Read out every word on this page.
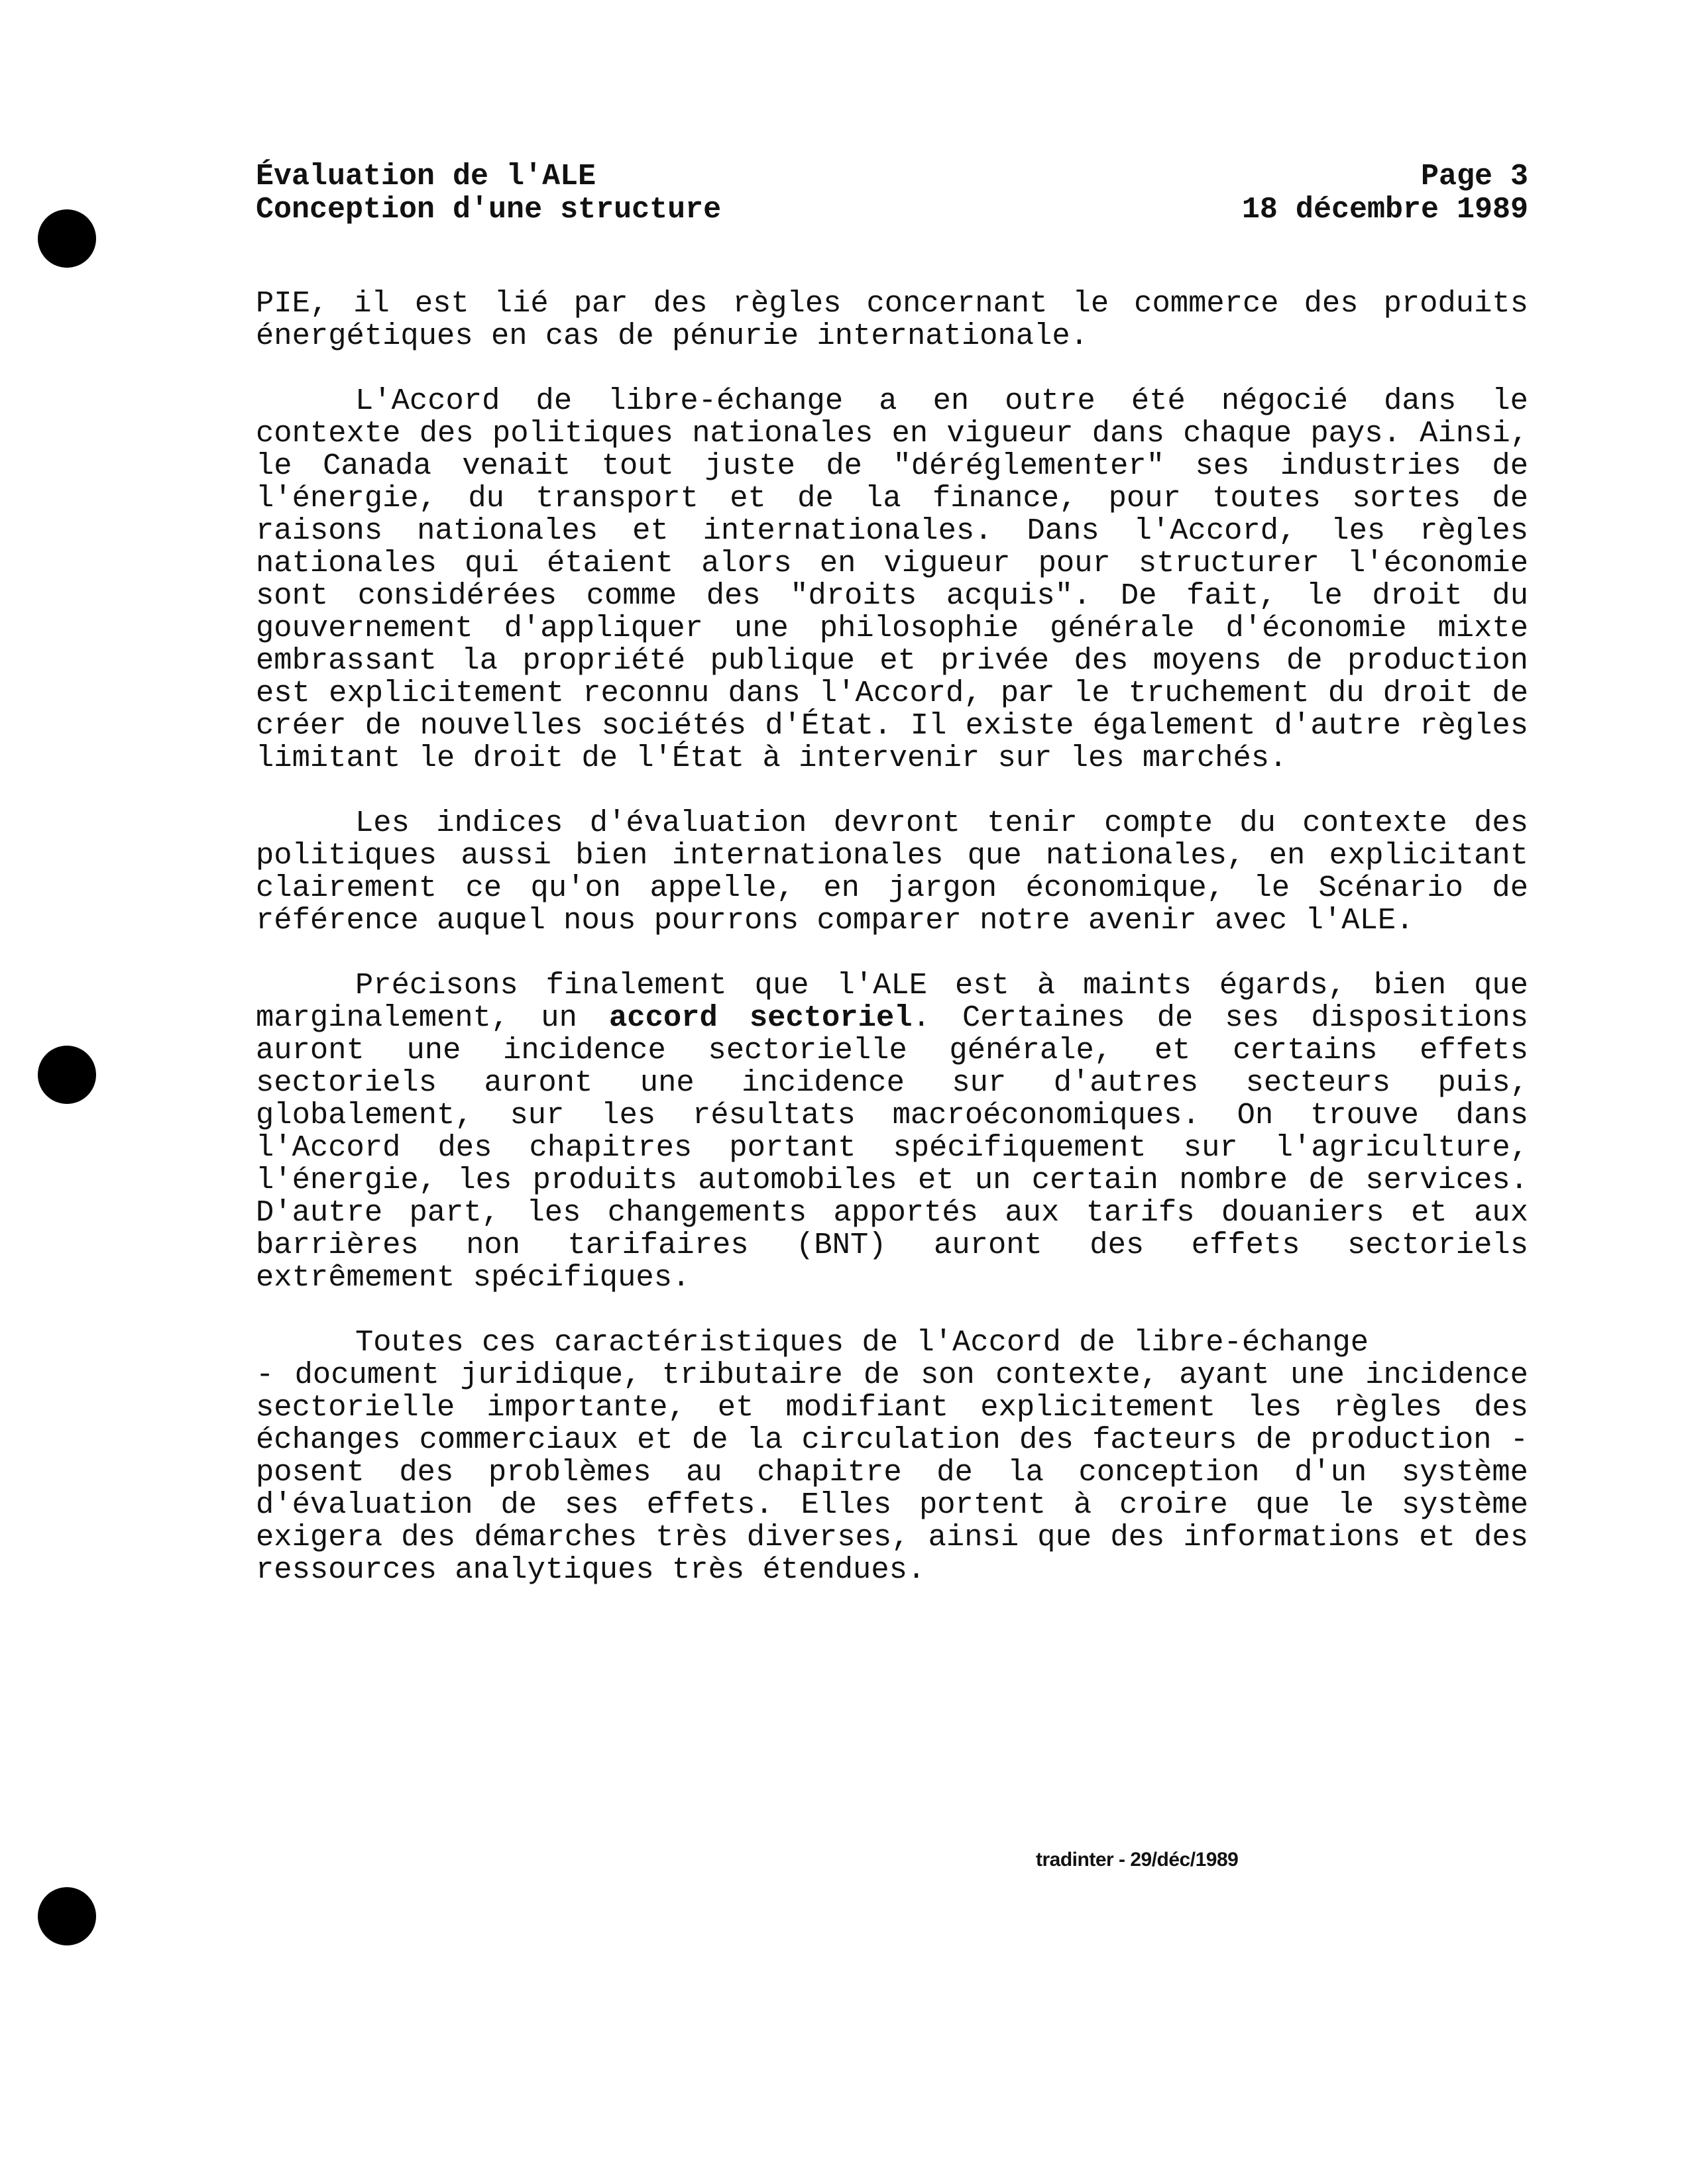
Évaluation de l'ALE	Page 3
Conception d'une structure	18 décembre 1989

PIE, il est lié par des règles concernant le commerce des produits énergétiques en cas de pénurie internationale.

L'Accord de libre-échange a en outre été négocié dans le contexte des politiques nationales en vigueur dans chaque pays. Ainsi, le Canada venait tout juste de "déréglementer" ses industries de l'énergie, du transport et de la finance, pour toutes sortes de raisons nationales et internationales. Dans l'Accord, les règles nationales qui étaient alors en vigueur pour structurer l'économie sont considérées comme des "droits acquis". De fait, le droit du gouvernement d'appliquer une philosophie générale d'économie mixte embrassant la propriété publique et privée des moyens de production est explicitement reconnu dans l'Accord, par le truchement du droit de créer de nouvelles sociétés d'État. Il existe également d'autre règles limitant le droit de l'État à intervenir sur les marchés.

Les indices d'évaluation devront tenir compte du contexte des politiques aussi bien internationales que nationales, en explicitant clairement ce qu'on appelle, en jargon économique, le Scénario de référence auquel nous pourrons comparer notre avenir avec l'ALE.

Précisons finalement que l'ALE est à maints égards, bien que marginalement, un accord sectoriel. Certaines de ses dispositions auront une incidence sectorielle générale, et certains effets sectoriels auront une incidence sur d'autres secteurs puis, globalement, sur les résultats macroéconomiques. On trouve dans l'Accord des chapitres portant spécifiquement sur l'agriculture, l'énergie, les produits automobiles et un certain nombre de services. D'autre part, les changements apportés aux tarifs douaniers et aux barrières non tarifaires (BNT) auront des effets sectoriels extrêmement spécifiques.

Toutes ces caractéristiques de l'Accord de libre-échange
- document juridique, tributaire de son contexte, ayant une incidence sectorielle importante, et modifiant explicitement les règles des échanges commerciaux et de la circulation des facteurs de production - posent des problèmes au chapitre de la conception d'un système d'évaluation de ses effets. Elles portent à croire que le système exigera des démarches très diverses, ainsi que des informations et des ressources analytiques très étendues.

tradinter - 29/déc/1989
